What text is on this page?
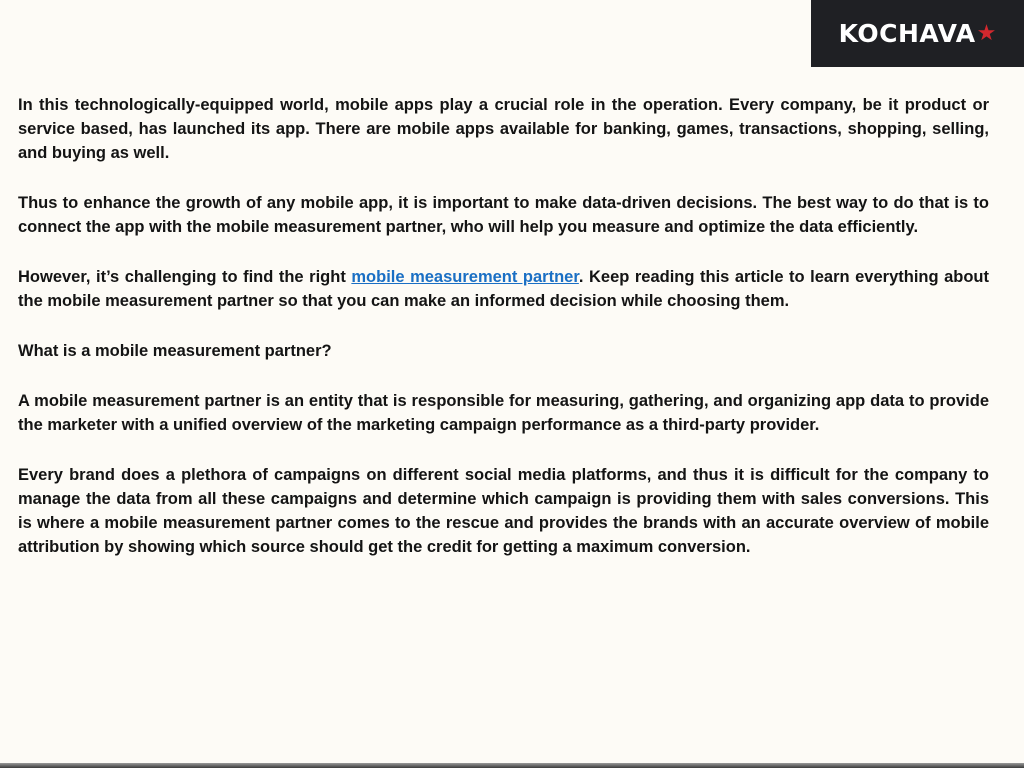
KOCHAVA ★

In this technologically-equipped world, mobile apps play a crucial role in the operation. Every company, be it product or service based, has launched its app. There are mobile apps available for banking, games, transactions, shopping, selling, and buying as well.

Thus to enhance the growth of any mobile app, it is important to make data-driven decisions. The best way to do that is to connect the app with the mobile measurement partner, who will help you measure and optimize the data efficiently.

However, it’s challenging to find the right mobile measurement partner. Keep reading this article to learn everything about the mobile measurement partner so that you can make an informed decision while choosing them.

What is a mobile measurement partner?

A mobile measurement partner is an entity that is responsible for measuring, gathering, and organizing app data to provide the marketer with a unified overview of the marketing campaign performance as a third-party provider.

Every brand does a plethora of campaigns on different social media platforms, and thus it is difficult for the company to manage the data from all these campaigns and determine which campaign is providing them with sales conversions. This is where a mobile measurement partner comes to the rescue and provides the brands with an accurate overview of mobile attribution by showing which source should get the credit for getting a maximum conversion.
